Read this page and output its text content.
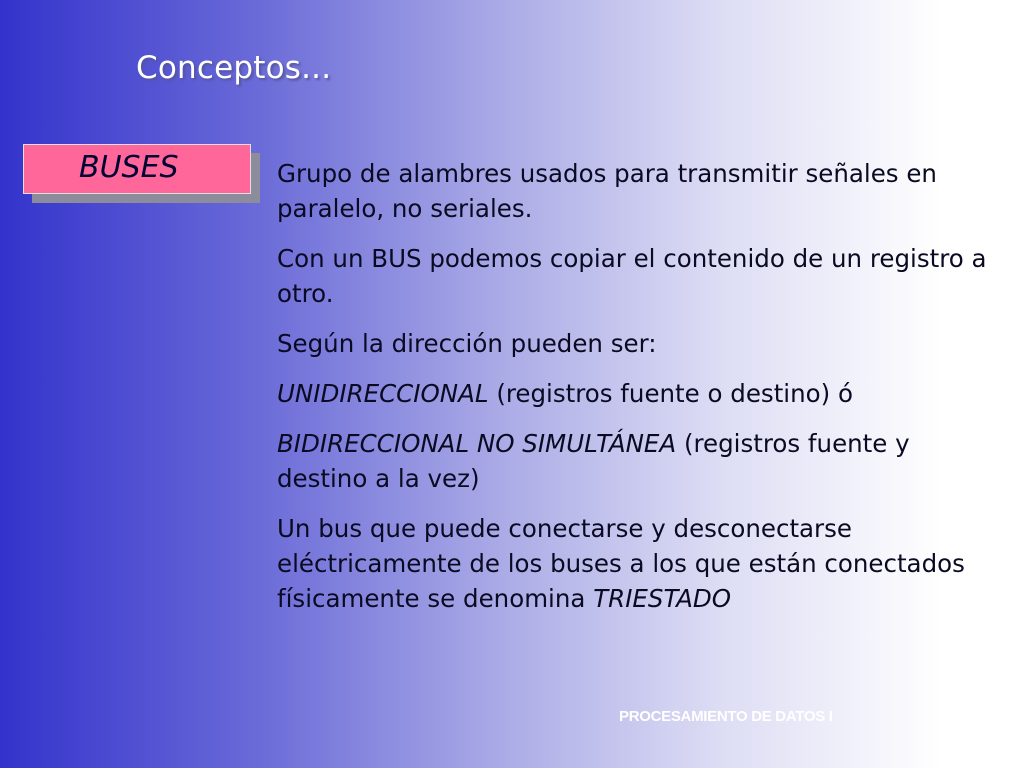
Conceptos...
BUSES	Grupo de alambres usados para transmitir señales en paralelo, no seriales.

Con un BUS podemos copiar el contenido de un registro a otro.

Según la dirección pueden ser:

UNIDIRECCIONAL (registros fuente o destino) ó

BIDIRECCIONAL NO SIMULTÁNEA (registros fuente y destino a la vez)

Un bus que puede conectarse y desconectarse eléctricamente de los buses a los que están conectados físicamente se denomina TRIESTADO

PROCESAMIENTO DE DATOS I
